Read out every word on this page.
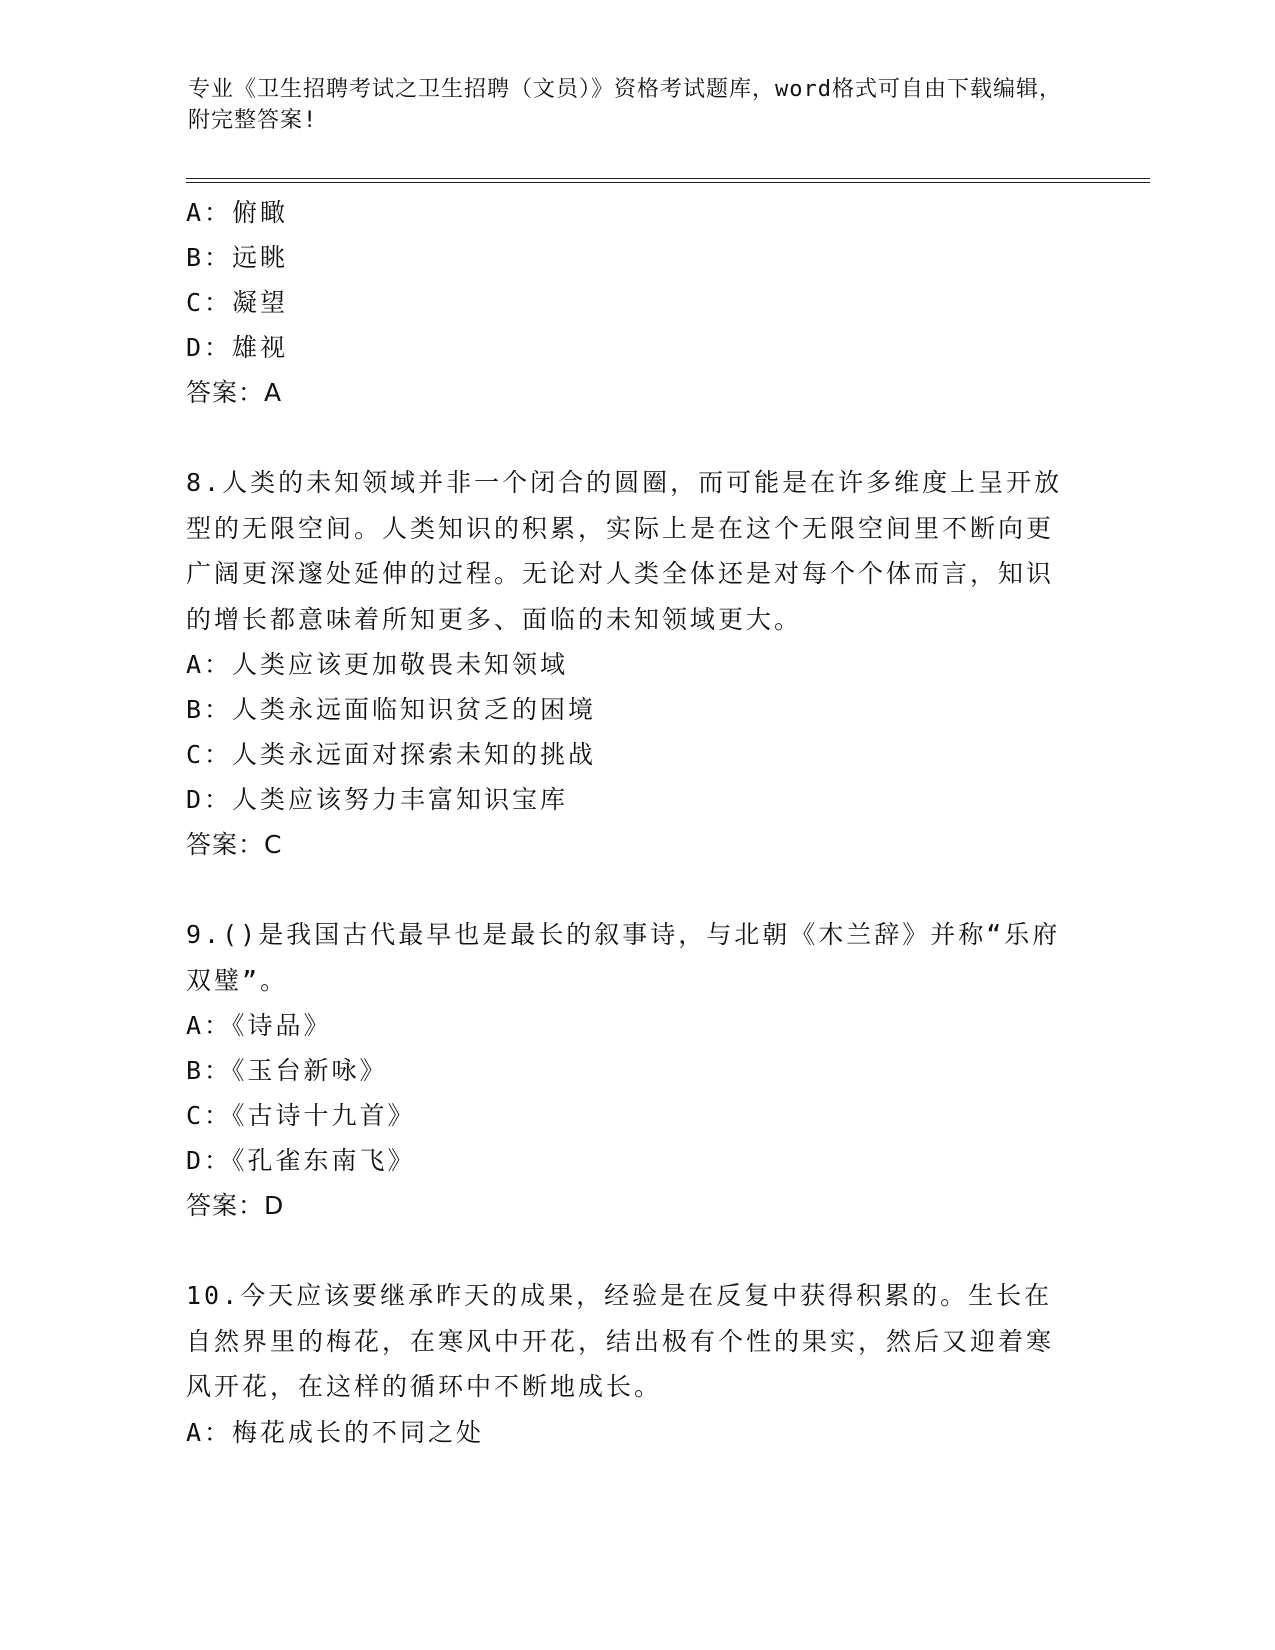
专业《卫生招聘考试之卫生招聘（文员）》资格考试题库，word格式可自由下载编辑，附完整答案!
A：俯瞰
B：远眺
C：凝望
D：雄视
答案：A
8.人类的未知领域并非一个闭合的圆圈，而可能是在许多维度上呈开放型的无限空间。人类知识的积累，实际上是在这个无限空间里不断向更广阔更深邃处延伸的过程。无论对人类全体还是对每个个体而言，知识的增长都意味着所知更多、面临的未知领域更大。
A：人类应该更加敬畏未知领域
B：人类永远面临知识贫乏的困境
C：人类永远面对探索未知的挑战
D：人类应该努力丰富知识宝库
答案：C
9.()是我国古代最早也是最长的叙事诗，与北朝《木兰辞》并称“乐府双璧”。
A：《诗品》
B：《玉台新咏》
C：《古诗十九首》
D：《孔雀东南飞》
答案：D
10.今天应该要继承昨天的成果，经验是在反复中获得积累的。生长在自然界里的梅花，在寒风中开花，结出极有个性的果实，然后又迎着寒风开花，在这样的循环中不断地成长。
A：梅花成长的不同之处
